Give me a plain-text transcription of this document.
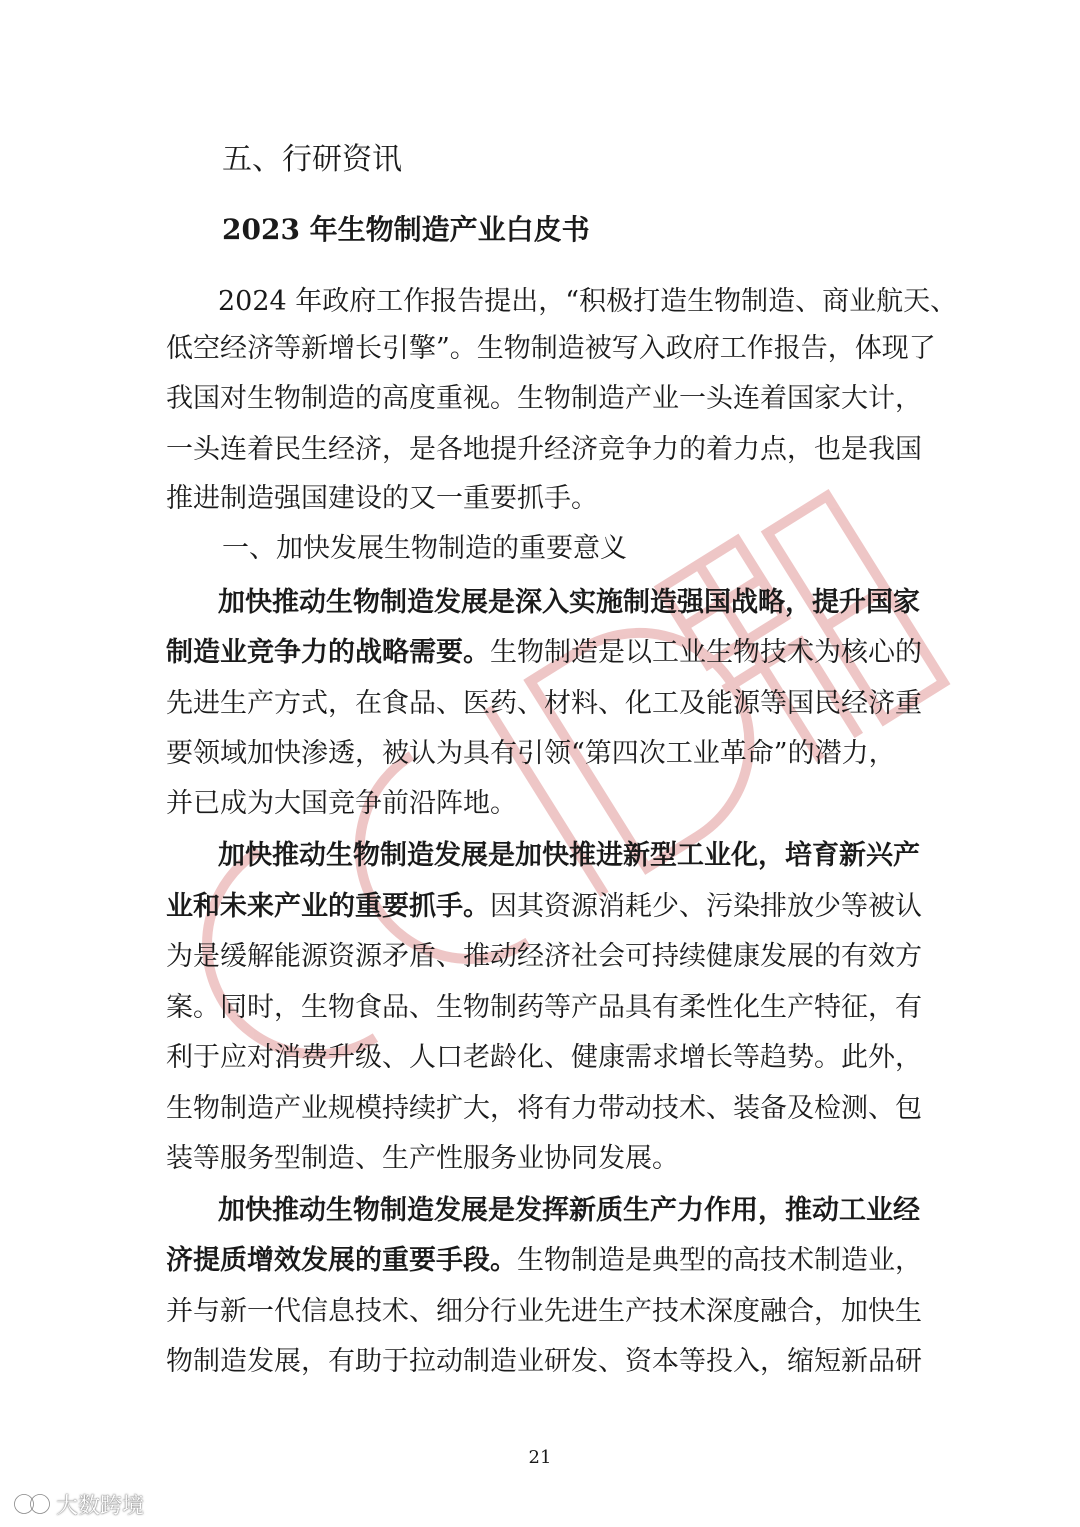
五、行研资讯
2023 年生物制造产业白皮书
2024 年政府工作报告提出，“积极打造生物制造、商业航天、
低空经济等新增长引擎”。生物制造被写入政府工作报告，体现了
我国对生物制造的高度重视。生物制造产业一头连着国家大计，
一头连着民生经济，是各地提升经济竞争力的着力点，也是我国
推进制造强国建设的又一重要抓手。
一、加快发展生物制造的重要意义
加快推动生物制造发展是深入实施制造强国战略，提升国家
制造业竞争力的战略需要。生物制造是以工业生物技术为核心的
先进生产方式，在食品、医药、材料、化工及能源等国民经济重
要领域加快渗透，被认为具有引领“第四次工业革命”的潜力，
并已成为大国竞争前沿阵地。
加快推动生物制造发展是加快推进新型工业化，培育新兴产
业和未来产业的重要抓手。因其资源消耗少、污染排放少等被认
为是缓解能源资源矛盾、推动经济社会可持续健康发展的有效方
案。同时，生物食品、生物制药等产品具有柔性化生产特征，有
利于应对消费升级、人口老龄化、健康需求增长等趋势。此外，
生物制造产业规模持续扩大，将有力带动技术、装备及检测、包
装等服务型制造、生产性服务业协同发展。
加快推动生物制造发展是发挥新质生产力作用，推动工业经
济提质增效发展的重要手段。生物制造是典型的高技术制造业，
并与新一代信息技术、细分行业先进生产技术深度融合，加快生
物制造发展，有助于拉动制造业研发、资本等投入，缩短新品研
21
大数跨境
